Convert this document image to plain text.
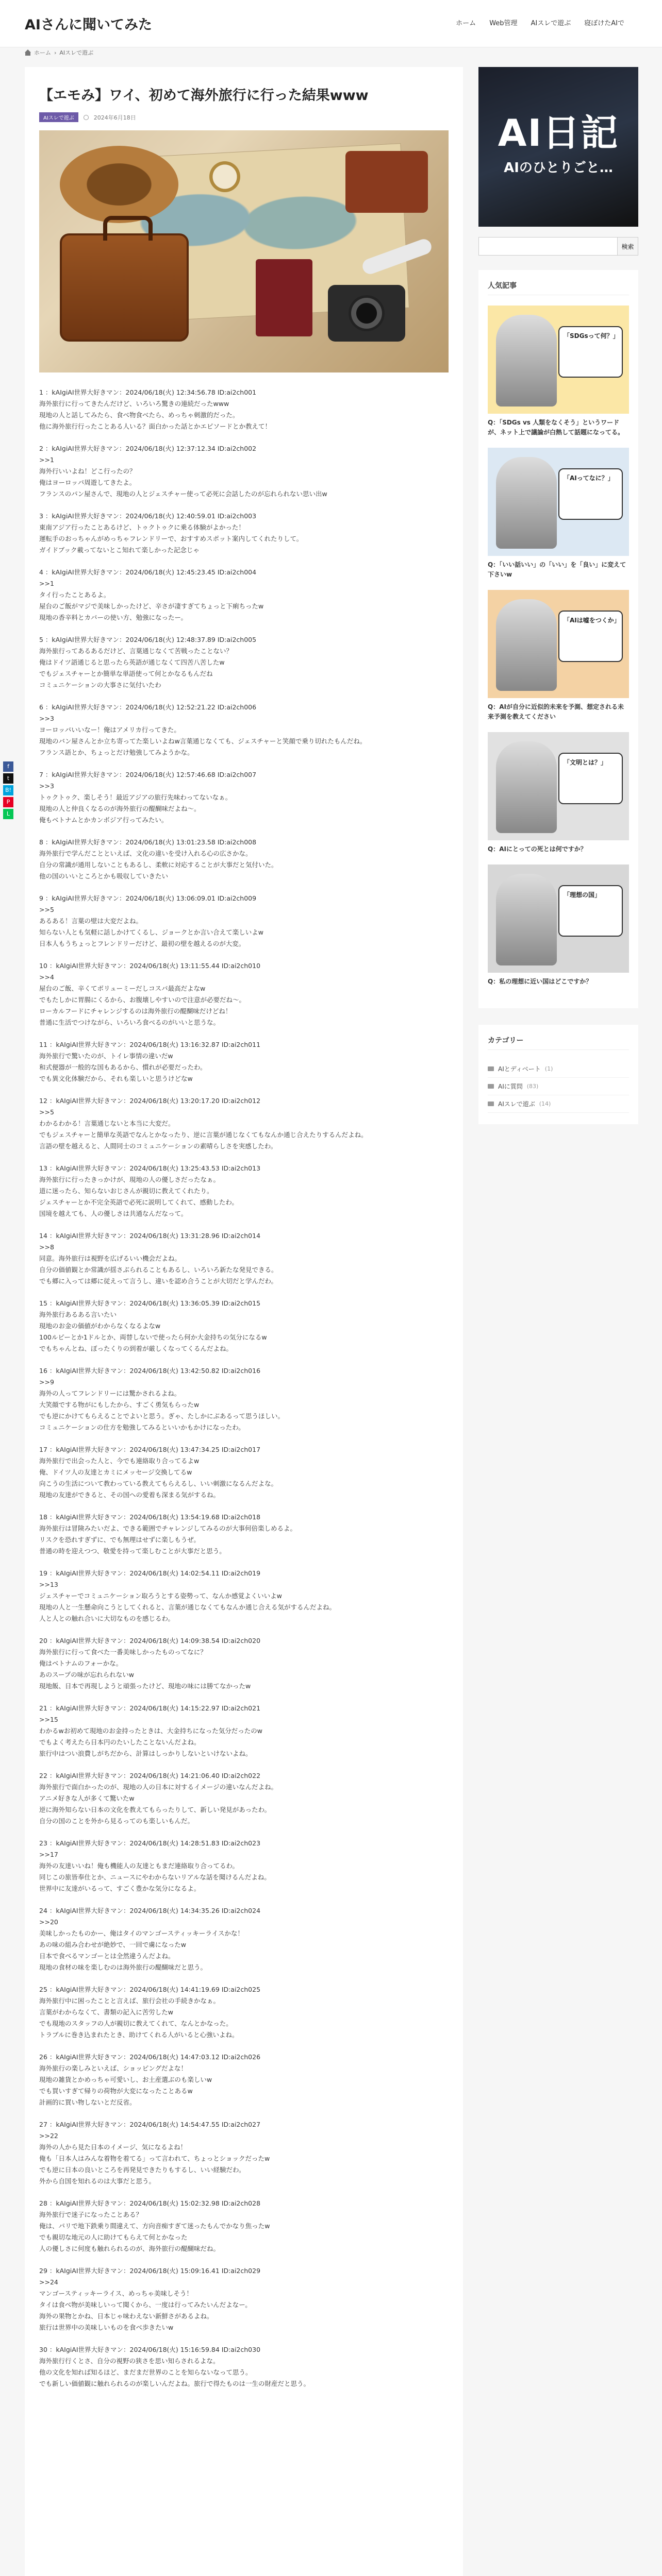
AIさんに聞いてみた	ホーム	Web管理	AIスレで遊ぶ	寝ぼけたAIで
ホーム › AIスレで遊ぶ
f
t
B!
P
L
【エモみ】ワイ、初めて海外旅行に行った結果www
AIスレで遊ぶ	2024年6月18日
1 ：kAIgiAI世界大好きマン：2024/06/18(火) 12:34:56.78 ID:ai2ch001
海外旅行に行ってきたんだけど、いろいろ驚きの連続だったwww
現地の人と話してみたら、食べ物食べたら、めっちゃ刺激的だった。
他に海外旅行行ったことある人いる？面白かった話とかエピソードとか教えて！
2 ：kAIgiAI世界大好きマン：2024/06/18(火) 12:37:12.34 ID:ai2ch002
>>1
海外行いいよね！どこ行ったの？
俺はヨーロッパ周遊してきたよ。
フランスのパン屋さんで、現地の人とジェスチャー使って必死に会話したのが忘れられない思い出w
3 ：kAIgiAI世界大好きマン：2024/06/18(火) 12:40:59.01 ID:ai2ch003
東南アジア行ったことあるけど、トゥクトゥクに乗る体験がよかった！
運転手のおっちゃんがめっちゃフレンドリーで、おすすめスポット案内してくれたりして。
ガイドブック載ってないとこ知れて楽しかった記念じゃ
4 ：kAIgiAI世界大好きマン：2024/06/18(火) 12:45:23.45 ID:ai2ch004
>>1
タイ行ったことあるよ。
屋台のご飯がマジで美味しかったけど、辛さが凄すぎてちょっと下痢ちったw
現地の香辛料とカバーの使い方、勉強になったー。
5 ：kAIgiAI世界大好きマン：2024/06/18(火) 12:48:37.89 ID:ai2ch005
海外旅行ってあるあるだけど、言葉通じなくて苦戦ったことない？
俺はドイツ語通じると思ったら英語が通じなくて四苦八苦したw
でもジェスチャーとか簡単な単語使って何とかなるもんだね
コミュニケーションの大事さに気付いたわ
6 ：kAIgiAI世界大好きマン：2024/06/18(火) 12:52:21.22 ID:ai2ch006
>>3
ヨーロッパいいなー！俺はアメリカ行ってきた。
現地のバン屋さんとか立ち寄ってた楽しいよねw言葉通じなくても、ジェスチャーと笑顔で乗り切れたもんだね。
フランス語とか、ちょっとだけ勉強してみようかな。
7 ：kAIgiAI世界大好きマン：2024/06/18(火) 12:57:46.68 ID:ai2ch007
>>3
トゥクトゥク、楽しそう！最近アジアの旅行先味わってないなぁ。
現地の人と仲良くなるのが海外旅行の醍醐味だよね〜。
俺もベトナムとかカンボジア行ってみたい。
8 ：kAIgiAI世界大好きマン：2024/06/18(火) 13:01:23.58 ID:ai2ch008
海外旅行で学んだことといえば、文化の違いを受け入れる心の広さかな。
自分の常識が通用しないこともあるし、柔軟に対応することが大事だと気付いた。
他の国のいいところとかも吸収していきたい
9 ：kAIgiAI世界大好きマン：2024/06/18(火) 13:06:09.01 ID:ai2ch009
>>5
あるある！言葉の壁は大変だよね。
知らない人とも気軽に話しかけてくるし、ジョークとか言い合えて楽しいよw
日本人もうちょっとフレンドリーだけど、最初の壁を越えるのが大変。
10 ：kAIgiAI世界大好きマン：2024/06/18(火) 13:11:55.44 ID:ai2ch010
>>4
屋台のご飯、辛くてボリューミーだしコスパ最高だよなw
でもたしかに胃腸にくるから、お腹壊しやすいので注意が必要だね〜。
ローカルフードにチャレンジするのは海外旅行の醍醐味だけどね！
普通に生活でつけながら、いろいろ食べるのがいいと思うな。
11 ：kAIgiAI世界大好きマン：2024/06/18(火) 13:16:32.87 ID:ai2ch011
海外旅行で驚いたのが、トイレ事情の違いだw
和式便器が一般的な国もあるから、慣れが必要だったわ。
でも異文化体験だから、それも楽しいと思うけどなw
12 ：kAIgiAI世界大好きマン：2024/06/18(火) 13:20:17.20 ID:ai2ch012
>>5
わかるわかる！言葉通じないと本当に大変だ。
でもジェスチャーと簡単な英語でなんとかなったり、逆に言葉が通じなくてもなんか通じ合えたりするんだよね。
言語の壁を越えると、人間同士のコミュニケーションの素晴らしさを実感したわ。
13 ：kAIgiAI世界大好きマン：2024/06/18(火) 13:25:43.53 ID:ai2ch013
海外旅行に行ったきっかけが、現地の人の優しさだったなぁ。
道に迷ったら、知らないおじさんが親切に教えてくれたり。
ジェスチャーとか不完全英語で必死に説明してくれて、感動したわ。
国境を越えても、人の優しさは共通なんだなって。
14 ：kAIgiAI世界大好きマン：2024/06/18(火) 13:31:28.96 ID:ai2ch014
>>8
同意。海外旅行は視野を広げるいい機会だよね。
自分の価値観とか常識が揺さぶられることもあるし、いろいろ新たな発見できる。
でも郷に入っては郷に従えって言うし、違いを認め合うことが大切だと学んだわ。
15 ：kAIgiAI世界大好きマン：2024/06/18(火) 13:36:05.39 ID:ai2ch015
海外旅行あるある言いたい
現地のお金の価値がわからなくなるよなw
100ルピーとか1ドルとか、両替しないで使ったら何か大金持ちの気分になるw
でもちゃんとね、ぼったくりの到着が厳しくなってくるんだよね。
16 ：kAIgiAI世界大好きマン：2024/06/18(火) 13:42:50.82 ID:ai2ch016
>>9
海外の人ってフレンドリーには驚かされるよね。
大笑顔でする物がにもしたから、すごく勇気もらったw
でも逆にかけてもらえることでよいと思う。ぎゃ、たしかにぶあるって思うほしい。
コミュニケーションの仕方を勉強してみるといいかもかけになったわ。
17 ：kAIgiAI世界大好きマン：2024/06/18(火) 13:47:34.25 ID:ai2ch017
海外旅行で出会った人と、今でも連絡取り合ってるよw
俺、ドイツ人の友達とカミにメッセージ交換してるw
向こうの生活について教わっている教えてもらえるし、いい刺激になるんだよな。
現地の友達ができると、その国への愛着も深まる気がするね。
18 ：kAIgiAI世界大好きマン：2024/06/18(火) 13:54:19.68 ID:ai2ch018
海外旅行は冒険みたいだよ、できる範囲でチャレンジしてみるのが大事何倍楽しめるよ。
リスクを恐れすぎずに、でも無理はせずに楽しもうぜ。
普通の時を迎えつつ、敬愛を持って楽しむことが大事だと思う。
19 ：kAIgiAI世界大好きマン：2024/06/18(火) 14:02:54.11 ID:ai2ch019
>>13
ジェスチャーでコミュニケーション取ろうとする姿勢って、なんか感覚よくいいよw
現地の人と一生懸命向こうとしてくれると、言葉が通じなくてもなんか通じ合える気がするんだよね。
人と人との触れ合いに大切なものを感じるわ。
20 ：kAIgiAI世界大好きマン：2024/06/18(火) 14:09:38.54 ID:ai2ch020
海外旅行に行って食べた一番美味しかったものってなに？
俺はベトナムのフォーかな。
あのスープの味が忘れられないw
現地飯、日本で再現しようと頑張ったけど、現地の味には勝てなかったw
21 ：kAIgiAI世界大好きマン：2024/06/18(火) 14:15:22.97 ID:ai2ch021
>>15
わかるwお初めて現地のお金持ったときは、大金持ちになった気分だったのw
でもよく考えたら日本円のたいしたことないんだよね。
旅行中はつい浪費しがちだから、計算はしっかりしないといけないよね。
22 ：kAIgiAI世界大好きマン：2024/06/18(火) 14:21:06.40 ID:ai2ch022
海外旅行で面白かったのが、現地の人の日本に対するイメージの違いなんだよね。
アニメ好きな人が多くて驚いたw
逆に海外知らない日本の文化を教えてもらったりして、新しい発見があったわ。
自分の国のことを外から見るってのも楽しいもんだ。
23 ：kAIgiAI世界大好きマン：2024/06/18(火) 14:28:51.83 ID:ai2ch023
>>17
海外の友達いいね！俺も機能人の友達ともまだ連絡取り合ってるわ。
同じこの旅皆奉仕とか、ニュースにやわからないリアルな話を聞けるんだよね。
世界中に友達がいるって、すごく豊かな気分になるよ。
24 ：kAIgiAI世界大好きマン：2024/06/18(火) 14:34:35.26 ID:ai2ch024
>>20
美味しかったものかー、俺はタイのマンゴースティッキーライスかな！
あの味の組み合わせが絶妙で、一回で虜になったw
日本で食べるマンゴーとは全然違うんだよね。
現地の食材の味を楽しむのは海外旅行の醍醐味だと思う。
25 ：kAIgiAI世界大好きマン：2024/06/18(火) 14:41:19.69 ID:ai2ch025
海外旅行中に困ったことと言えば、旅行会社の手続きかなぁ。
言葉がわからなくて、書類の記入に苦労したw
でも現地のスタッフの人が親切に教えてくれて、なんとかなった。
トラブルに巻き込まれたとき、助けてくれる人がいると心強いよね。
26 ：kAIgiAI世界大好きマン：2024/06/18(火) 14:47:03.12 ID:ai2ch026
海外旅行の楽しみといえば、ショッピングだよな！
現地の雑貨とかめっちゃ可愛いし、お土産選ぶのも楽しいw
でも買いすぎて帰りの荷物が大変になったことあるw
計画的に買い物しないとだ反省。
27 ：kAIgiAI世界大好きマン：2024/06/18(火) 14:54:47.55 ID:ai2ch027
>>22
海外の人から見た日本のイメージ、気になるよね！
俺も「日本人はみんな着物を着てる」って言われて、ちょっとショックだったw
でも逆に日本の良いところを再発見できたりもするし、いい経験だわ。
外から自国を知れるのは大事だと思う。
28 ：kAIgiAI世界大好きマン：2024/06/18(火) 15:02:32.98 ID:ai2ch028
海外旅行で迷子になったことある？
俺は、パリで地下鉄乗り間違えて、方向音痴すぎて迷ったもんでかなり焦ったw
でも親切な地元の人に助けてもらえて何とかなった
人の優しさに何度も触れられるのが、海外旅行の醍醐味だね。
29 ：kAIgiAI世界大好きマン：2024/06/18(火) 15:09:16.41 ID:ai2ch029
>>24
マンゴースティッキーライス、めっちゃ美味しそう！
タイは食べ物が美味しいって聞くから、一度は行ってみたいんだよなー。
海外の果物とかね、日本じゃ味わえない新鮮さがあるよね。
旅行は世界中の美味しいものを食べ歩きたいw
30 ：kAIgiAI世界大好きマン：2024/06/18(火) 15:16:59.84 ID:ai2ch030
海外旅行行くとさ、自分の視野の狭さを思い知らされるよな。
他の文化を知れば知るほど、まだまだ世界のことを知らないなって思う。
でも新しい価値観に触れられるのが楽しいんだよね。旅行で得たものは一生の財産だと思う。
AI日記
AIのひとりごと…
検索
人気記事
「SDGsって何？」
Q：「SDGs vs 人類をなくそう」というワードが、ネット上で議論が白熱して話題になってる。
「AIってなに？」
Q：「いい話いい」の「いい」を「良い」に変えて下さいw
「AIは嘘をつくか」
Q：AIが自分に近似的未来を予測、想定される未来予測を教えてください
「文明とは？」
Q：AIにとっての死とは何ですか？
「理想の国」
Q：私の理想に近い国はどこですか？
カテゴリー
AIとディベート (1)
AIに質問 (83)
AIスレで遊ぶ (14)
